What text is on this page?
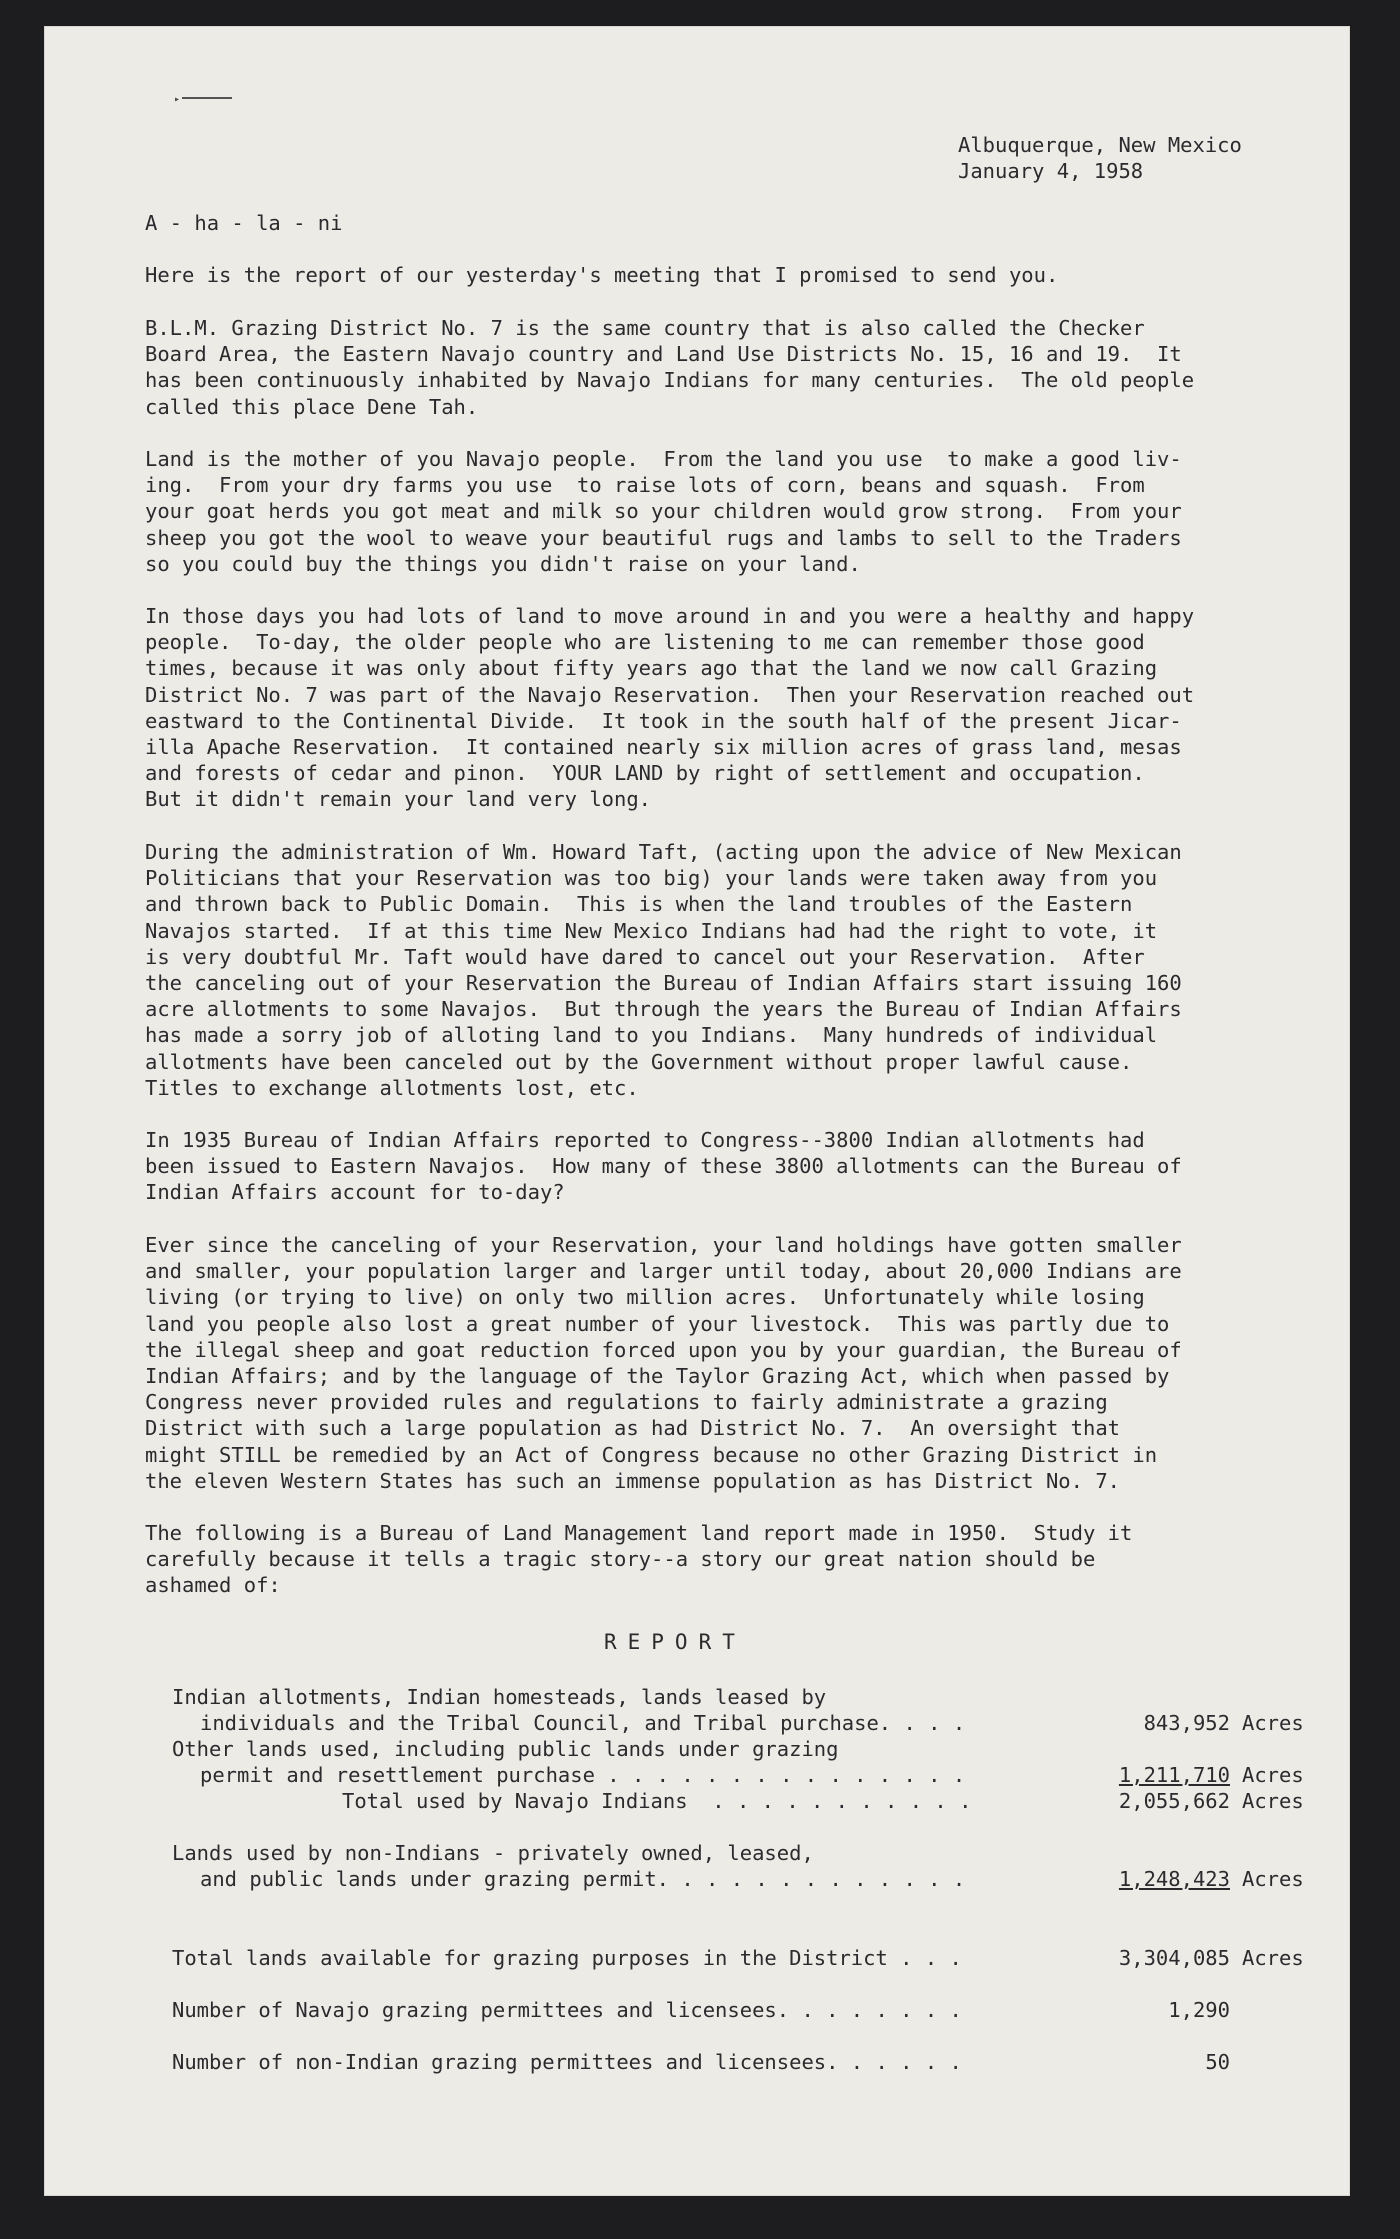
▸
Albuquerque, New Mexico
January 4, 1958
A - ha - la - ni
Here is the report of our yesterday's meeting that I promised to send you.
B.L.M. Grazing District No. 7 is the same country that is also called the Checker
Board Area, the Eastern Navajo country and Land Use Districts No. 15, 16 and 19.  It
has been continuously inhabited by Navajo Indians for many centuries.  The old people
called this place Dene Tah.
Land is the mother of you Navajo people.  From the land you use  to make a good liv-
ing.  From your dry farms you use  to raise lots of corn, beans and squash.  From
your goat herds you got meat and milk so your children would grow strong.  From your
sheep you got the wool to weave your beautiful rugs and lambs to sell to the Traders
so you could buy the things you didn't raise on your land.
In those days you had lots of land to move around in and you were a healthy and happy
people.  To-day, the older people who are listening to me can remember those good
times, because it was only about fifty years ago that the land we now call Grazing
District No. 7 was part of the Navajo Reservation.  Then your Reservation reached out
eastward to the Continental Divide.  It took in the south half of the present Jicar-
illa Apache Reservation.  It contained nearly six million acres of grass land, mesas
and forests of cedar and pinon.  YOUR LAND by right of settlement and occupation.
But it didn't remain your land very long.
During the administration of Wm. Howard Taft, (acting upon the advice of New Mexican
Politicians that your Reservation was too big) your lands were taken away from you
and thrown back to Public Domain.  This is when the land troubles of the Eastern
Navajos started.  If at this time New Mexico Indians had had the right to vote, it
is very doubtful Mr. Taft would have dared to cancel out your Reservation.  After
the canceling out of your Reservation the Bureau of Indian Affairs start issuing 160
acre allotments to some Navajos.  But through the years the Bureau of Indian Affairs
has made a sorry job of alloting land to you Indians.  Many hundreds of individual
allotments have been canceled out by the Government without proper lawful cause.
Titles to exchange allotments lost, etc.
In 1935 Bureau of Indian Affairs reported to Congress--3800 Indian allotments had
been issued to Eastern Navajos.  How many of these 3800 allotments can the Bureau of
Indian Affairs account for to-day?
Ever since the canceling of your Reservation, your land holdings have gotten smaller
and smaller, your population larger and larger until today, about 20,000 Indians are
living (or trying to live) on only two million acres.  Unfortunately while losing
land you people also lost a great number of your livestock.  This was partly due to
the illegal sheep and goat reduction forced upon you by your guardian, the Bureau of
Indian Affairs; and by the language of the Taylor Grazing Act, which when passed by
Congress never provided rules and regulations to fairly administrate a grazing
District with such a large population as had District No. 7.  An oversight that
might STILL be remedied by an Act of Congress because no other Grazing District in
the eleven Western States has such an immense population as has District No. 7.
The following is a Bureau of Land Management land report made in 1950.  Study it
carefully because it tells a tragic story--a story our great nation should be
ashamed of:
REPORT
Indian allotments, Indian homesteads, lands leased by
individuals and the Tribal Council, and Tribal purchase. . . .	843,952 Acres
Other lands used, including public lands under grazing
permit and resettlement purchase . . . . . . . . . . . . . . .	1,211,710 Acres
Total used by Navajo Indians  . . . . . . . . . . .	2,055,662 Acres
Lands used by non-Indians - privately owned, leased,
and public lands under grazing permit. . . . . . . . . . . . .	1,248,423 Acres
Total lands available for grazing purposes in the District . . .	3,304,085 Acres
Number of Navajo grazing permittees and licensees. . . . . . . .	1,290
Number of non-Indian grazing permittees and licensees. . . . . .	50
